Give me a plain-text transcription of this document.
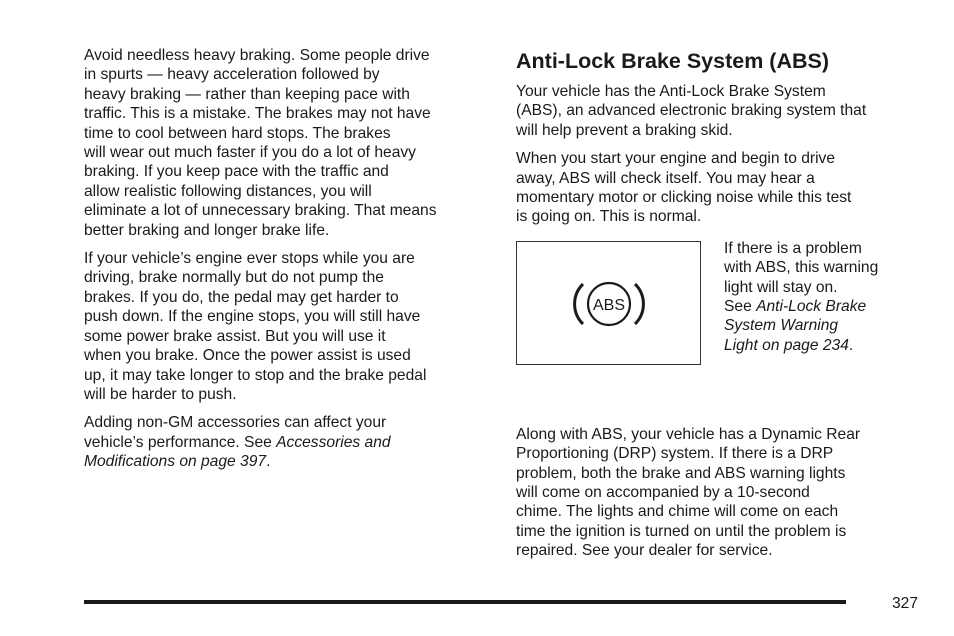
Avoid needless heavy braking. Some people drive
in spurts — heavy acceleration followed by
heavy braking — rather than keeping pace with
traffic. This is a mistake. The brakes may not have
time to cool between hard stops. The brakes
will wear out much faster if you do a lot of heavy
braking. If you keep pace with the traffic and
allow realistic following distances, you will
eliminate a lot of unnecessary braking. That means
better braking and longer brake life.

If your vehicle’s engine ever stops while you are
driving, brake normally but do not pump the
brakes. If you do, the pedal may get harder to
push down. If the engine stops, you will still have
some power brake assist. But you will use it
when you brake. Once the power assist is used
up, it may take longer to stop and the brake pedal
will be harder to push.

Adding non-GM accessories can affect your
vehicle’s performance. See Accessories and
Modifications on page 397.

Anti-Lock Brake System (ABS)

Your vehicle has the Anti-Lock Brake System
(ABS), an advanced electronic braking system that
will help prevent a braking skid.

When you start your engine and begin to drive
away, ABS will check itself. You may hear a
momentary motor or clicking noise while this test
is going on. This is normal.

ABS
If there is a problem
with ABS, this warning
light will stay on.
See Anti-Lock Brake
System Warning
Light on page 234.

Along with ABS, your vehicle has a Dynamic Rear
Proportioning (DRP) system. If there is a DRP
problem, both the brake and ABS warning lights
will come on accompanied by a 10-second
chime. The lights and chime will come on each
time the ignition is turned on until the problem is
repaired. See your dealer for service.

327
